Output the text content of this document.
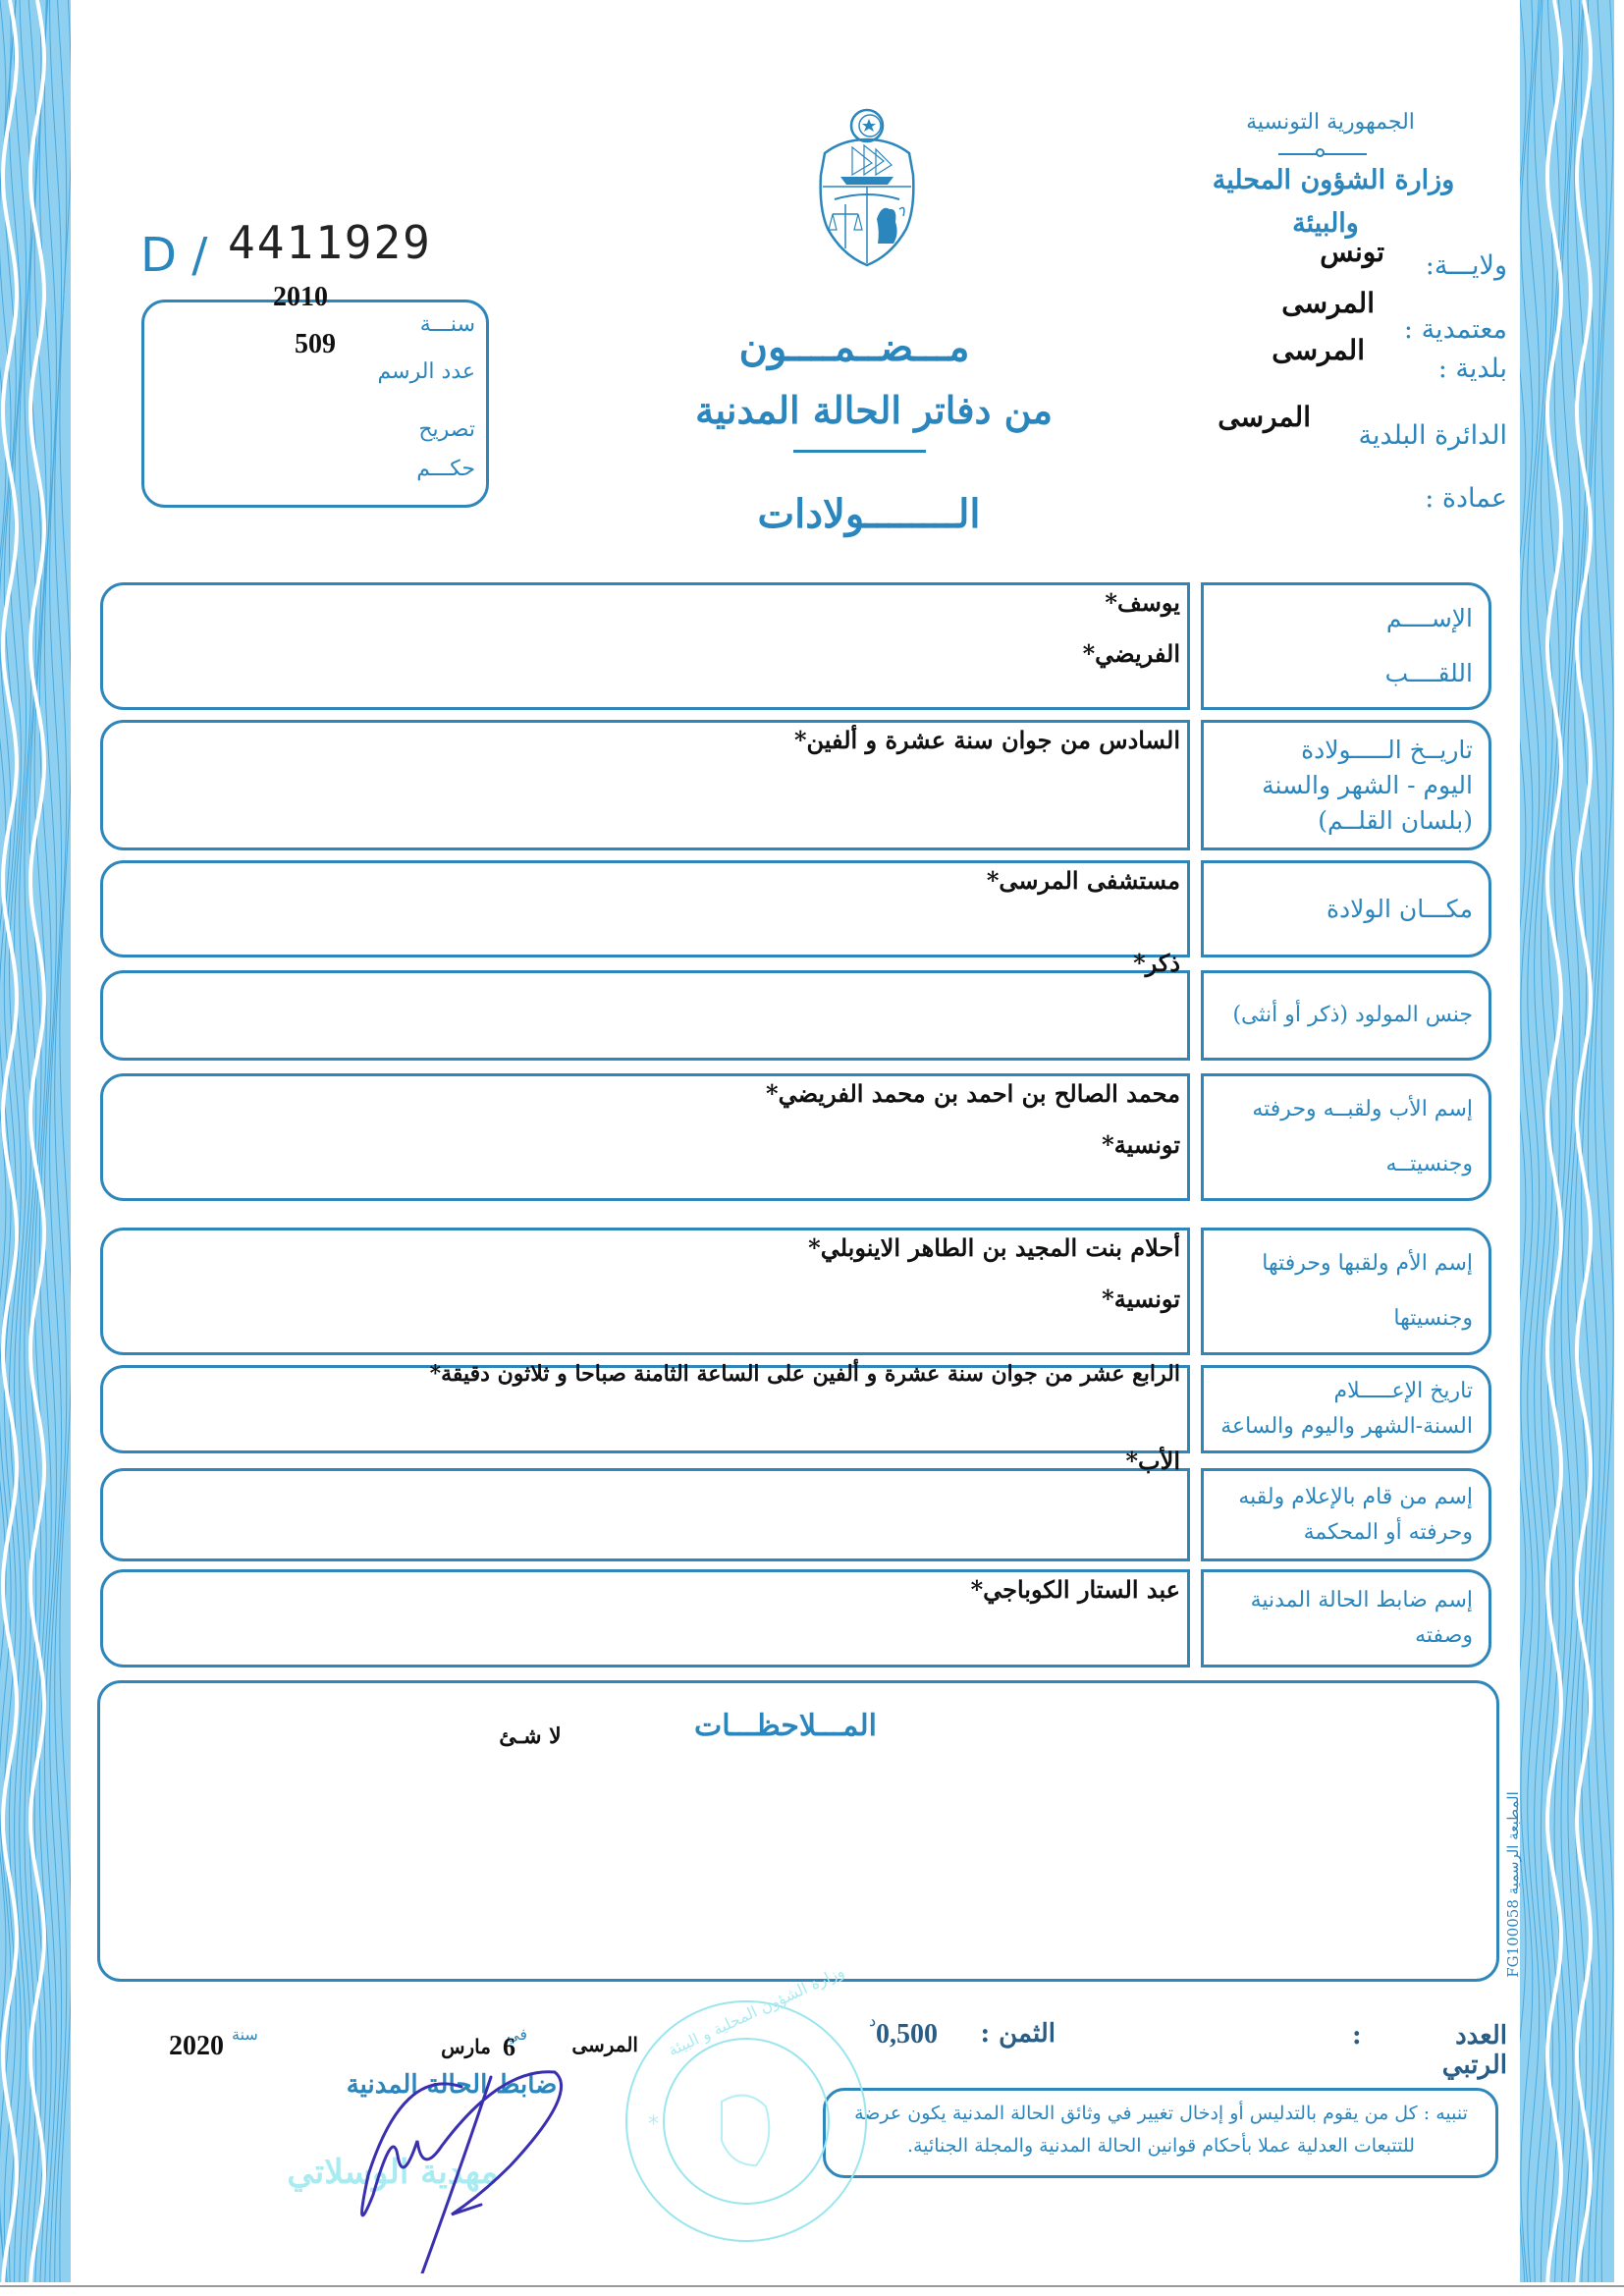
الجمهورية التونسية
وزارة الشؤون المحلية
والبيئة
ولايـــة:
تونس
المرسى
معتمدية :
المرسى
بلدية :
المرسى
الدائرة البلدية
عمادة :
D / 4411929
2010
509
سنـــة
عدد الرسم
تصريح
حكـــم
مـــضــمــــون
من دفاتر الحالة المدنية
الــــــــولادات
الإســــم
اللقــــب
يوسف*
الفريضي*
تاريــخ الـــــولادة
اليوم - الشهر والسنة
(بلسان القلــم)
السادس من جوان سنة عشرة و ألفين*
مكـــان الولادة
مستشفى المرسى*
جنس المولود (ذكر أو أنثى)
ذكر*
إسم الأب ولقبــه وحرفته
وجنسيتــه
محمد الصالح بن احمد بن محمد الفريضي*
تونسية*
إسم الأم ولقبها وحرفتها
وجنسيتها
أحلام بنت المجيد بن الطاهر الاينوبلي*
تونسية*
تاريخ الإعـــــلام
السنة-الشهر واليوم والساعة
الرابع عشر من جوان سنة عشرة و ألفين على الساعة الثامنة صباحا و ثلاثون دقيقة*
إسم من قام بالإعلام ولقبه
وحرفته أو المحكمة
الأب*
إسم ضابط الحالة المدنية
وصفته
عبد الستار الكوباجي*
المـــلاحظـــات
لا شـئ
العدد الرتبي
:
الثمن :
0,500
د
تنبيه : كل من يقوم بالتدليس أو إدخال تغيير في وثائق الحالة المدنية يكون عرضة للتتبعات العدلية عملا بأحكام قوانين الحالة المدنية والمجلة الجنائية.
*
وزارة الشؤون المحلية و البيئة
المرسى
في
6
مارس
سنة
2020
ضابط الحالة المدنية
مهدية الوسلاتي
المطبعة الرسمية FG100058
